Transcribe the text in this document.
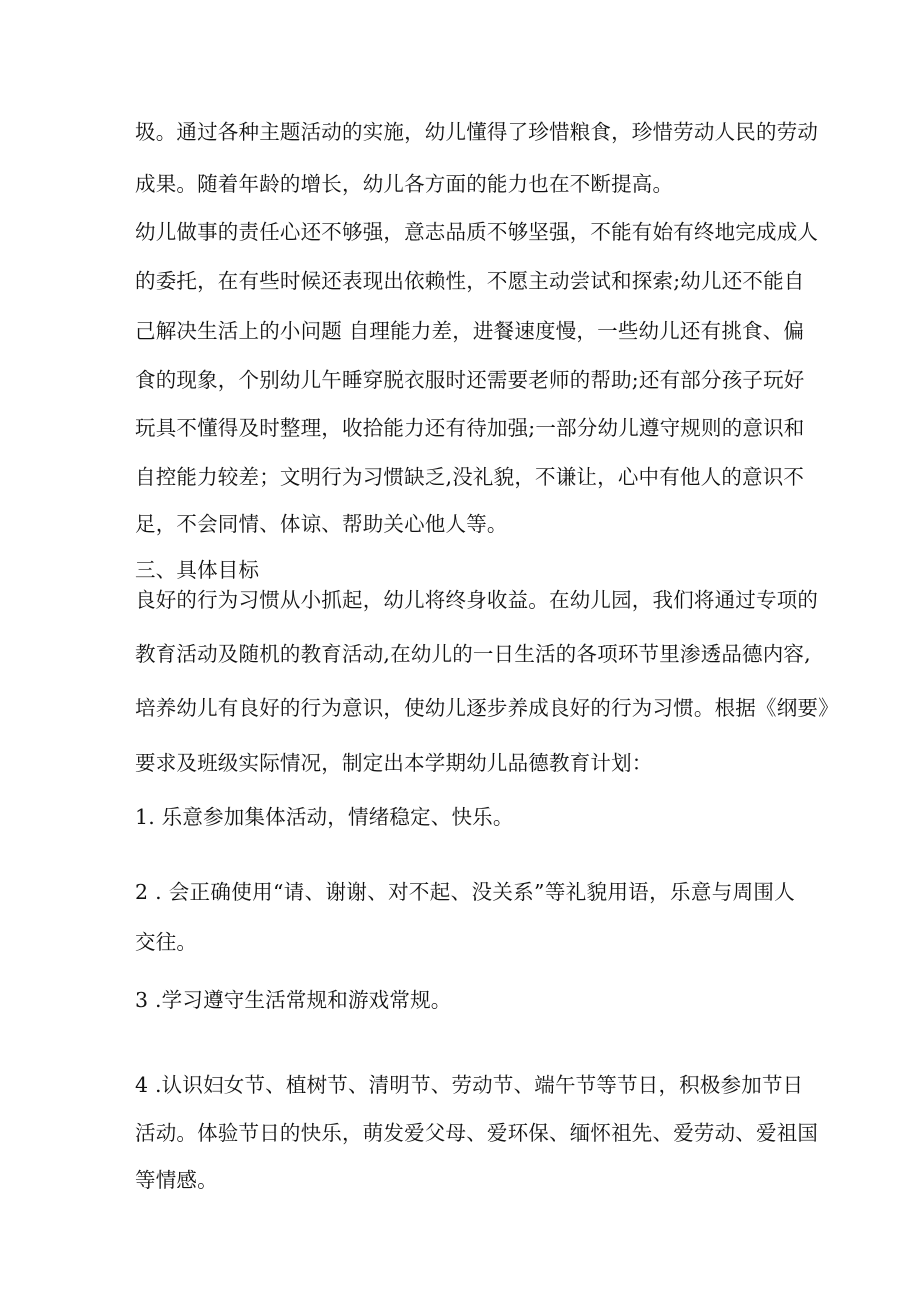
圾。通过各种主题活动的实施，幼儿懂得了珍惜粮食，珍惜劳动人民的劳动
成果。随着年龄的增长，幼儿各方面的能力也在不断提高。
幼儿做事的责任心还不够强，意志品质不够坚强，不能有始有终地完成成人
的委托，在有些时候还表现出依赖性，不愿主动尝试和探索;幼儿还不能自
己解决生活上的小问题 自理能力差，进餐速度慢，一些幼儿还有挑食、偏
食的现象，个别幼儿午睡穿脱衣服时还需要老师的帮助;还有部分孩子玩好
玩具不懂得及时整理，收拾能力还有待加强;一部分幼儿遵守规则的意识和
自控能力较差；文明行为习惯缺乏,没礼貌，不谦让，心中有他人的意识不
足，不会同情、体谅、帮助关心他人等。
三、具体目标
良好的行为习惯从小抓起，幼儿将终身收益。在幼儿园，我们将通过专项的
教育活动及随机的教育活动,在幼儿的一日生活的各项环节里渗透品德内容,
培养幼儿有良好的行为意识，使幼儿逐步养成良好的行为习惯。根据《纲要》
要求及班级实际情况，制定出本学期幼儿品德教育计划：
1. 乐意参加集体活动，情绪稳定、快乐。
2 . 会正确使用“请、谢谢、对不起、没关系”等礼貌用语，乐意与周围人
交往。
3 .学习遵守生活常规和游戏常规。
4 .认识妇女节、植树节、清明节、劳动节、端午节等节日，积极参加节日
活动。体验节日的快乐，萌发爱父母、爱环保、缅怀祖先、爱劳动、爱祖国
等情感。
